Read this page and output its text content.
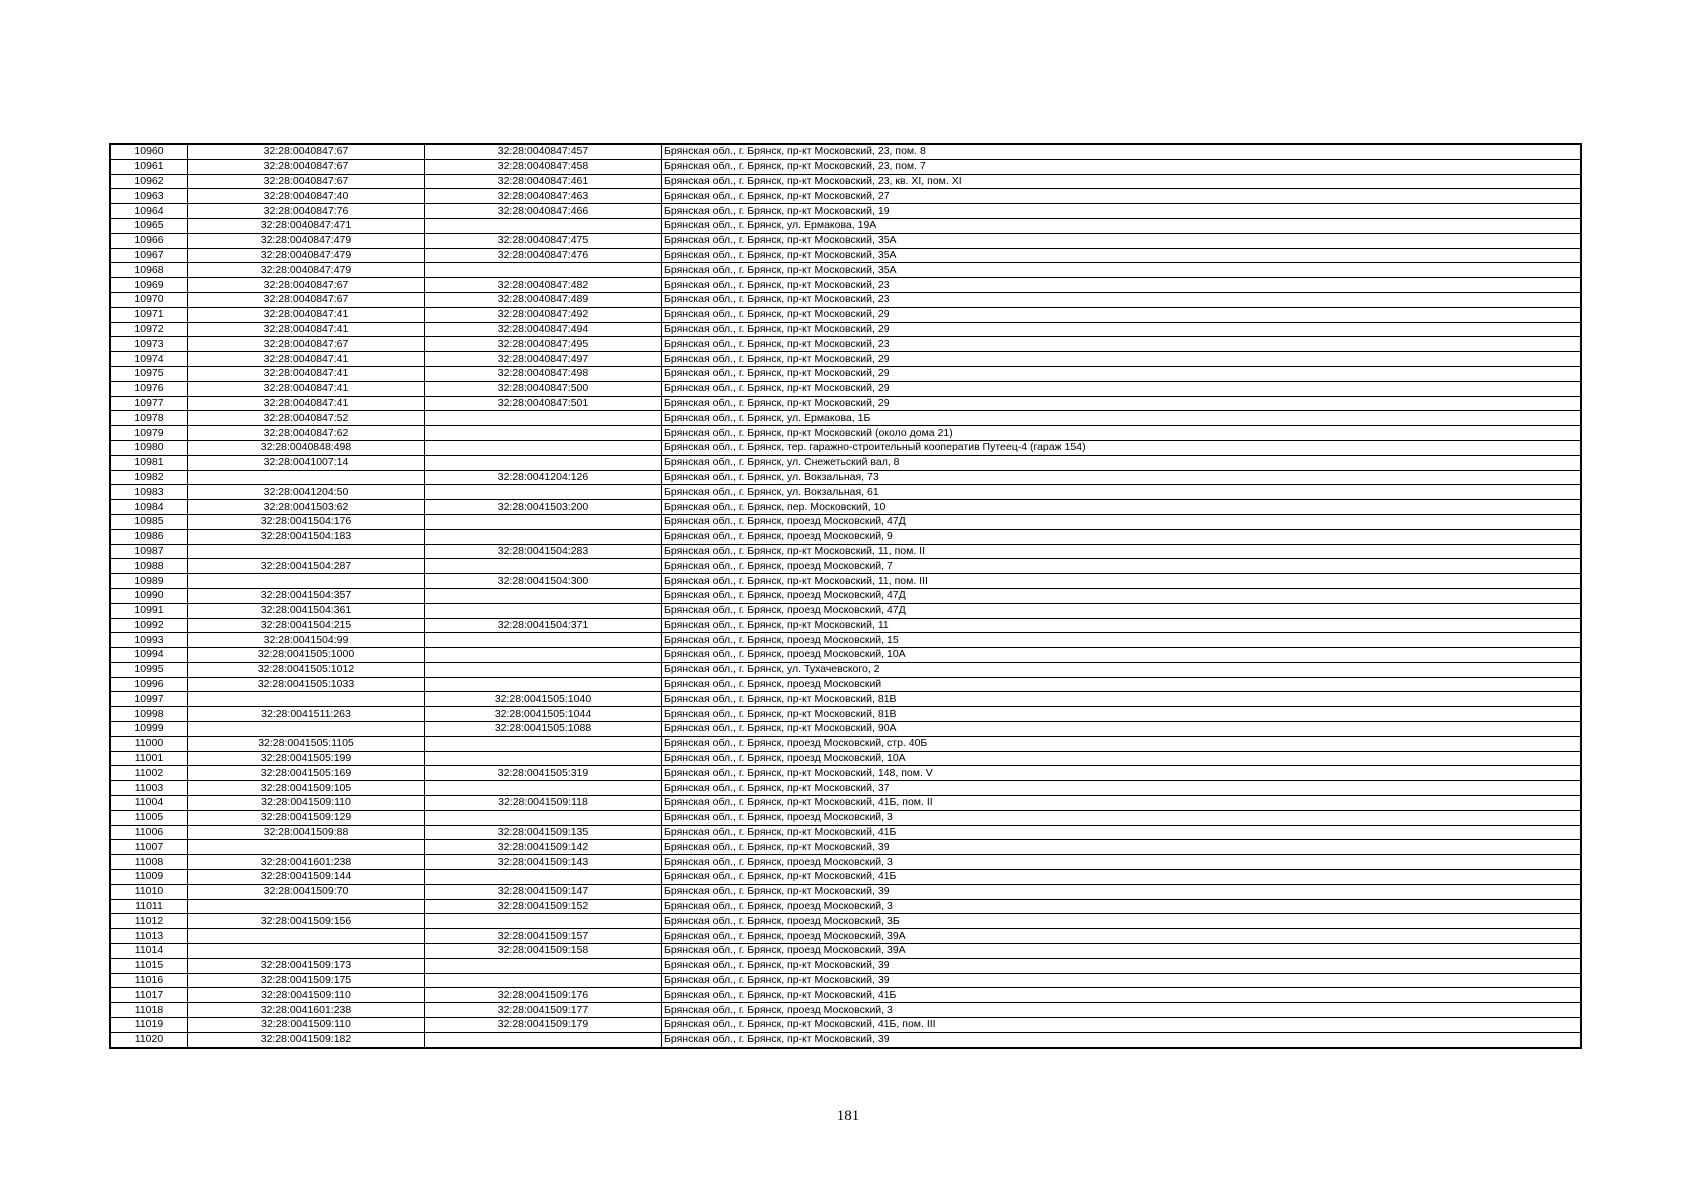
10960	32:28:0040847:67	32:28:0040847:457	Брянская обл., г. Брянск, пр-кт Московский, 23, пом. 8
10961	32:28:0040847:67	32:28:0040847:458	Брянская обл., г. Брянск, пр-кт Московский, 23, пом. 7
10962	32:28:0040847:67	32:28:0040847:461	Брянская обл., г. Брянск, пр-кт Московский, 23, кв. XI, пом. XI
10963	32:28:0040847:40	32:28:0040847:463	Брянская обл., г. Брянск, пр-кт Московский, 27
10964	32:28:0040847:76	32:28:0040847:466	Брянская обл., г. Брянск, пр-кт Московский, 19
10965	32:28:0040847:471		Брянская обл., г. Брянск, ул. Ермакова, 19А
10966	32:28:0040847:479	32:28:0040847:475	Брянская обл., г. Брянск, пр-кт Московский, 35А
10967	32:28:0040847:479	32:28:0040847:476	Брянская обл., г. Брянск, пр-кт Московский, 35А
10968	32:28:0040847:479		Брянская обл., г. Брянск, пр-кт Московский, 35А
10969	32:28:0040847:67	32:28:0040847:482	Брянская обл., г. Брянск, пр-кт Московский, 23
10970	32:28:0040847:67	32:28:0040847:489	Брянская обл., г. Брянск, пр-кт Московский, 23
10971	32:28:0040847:41	32:28:0040847:492	Брянская обл., г. Брянск, пр-кт Московский, 29
10972	32:28:0040847:41	32:28:0040847:494	Брянская обл., г. Брянск, пр-кт Московский, 29
10973	32:28:0040847:67	32:28:0040847:495	Брянская обл., г. Брянск, пр-кт Московский, 23
10974	32:28:0040847:41	32:28:0040847:497	Брянская обл., г. Брянск, пр-кт Московский, 29
10975	32:28:0040847:41	32:28:0040847:498	Брянская обл., г. Брянск, пр-кт Московский, 29
10976	32:28:0040847:41	32:28:0040847:500	Брянская обл., г. Брянск, пр-кт Московский, 29
10977	32:28:0040847:41	32:28:0040847:501	Брянская обл., г. Брянск, пр-кт Московский, 29
10978	32:28:0040847:52		Брянская обл., г. Брянск, ул. Ермакова, 1Б
10979	32:28:0040847:62		Брянская обл., г. Брянск, пр-кт Московский (около дома 21)
10980	32:28:0040848:498		Брянская обл., г. Брянск, тер. гаражно-строительный кооператив Путеец-4 (гараж 154)
10981	32:28:0041007:14		Брянская обл., г. Брянск, ул. Снежетьский вал, 8
10982		32:28:0041204:126	Брянская обл., г. Брянск, ул. Вокзальная, 73
10983	32:28:0041204:50		Брянская обл., г. Брянск, ул. Вокзальная, 61
10984	32:28:0041503:62	32:28:0041503:200	Брянская обл., г. Брянск, пер. Московский, 10
10985	32:28:0041504:176		Брянская обл., г. Брянск, проезд Московский, 47Д
10986	32:28:0041504:183		Брянская обл., г. Брянск, проезд Московский, 9
10987		32:28:0041504:283	Брянская обл., г. Брянск, пр-кт Московский, 11, пом. II
10988	32:28:0041504:287		Брянская обл., г. Брянск, проезд Московский, 7
10989		32:28:0041504:300	Брянская обл., г. Брянск, пр-кт Московский, 11, пом. III
10990	32:28:0041504:357		Брянская обл., г. Брянск, проезд Московский, 47Д
10991	32:28:0041504:361		Брянская обл., г. Брянск, проезд Московский, 47Д
10992	32:28:0041504:215	32:28:0041504:371	Брянская обл., г. Брянск, пр-кт Московский, 11
10993	32:28:0041504:99		Брянская обл., г. Брянск, проезд Московский, 15
10994	32:28:0041505:1000		Брянская обл., г. Брянск, проезд Московский, 10А
10995	32:28:0041505:1012		Брянская обл., г. Брянск, ул. Тухачевского, 2
10996	32:28:0041505:1033		Брянская обл., г. Брянск, проезд Московский
10997		32:28:0041505:1040	Брянская обл., г. Брянск, пр-кт Московский, 81В
10998	32:28:0041511:263	32:28:0041505:1044	Брянская обл., г. Брянск, пр-кт Московский, 81В
10999		32:28:0041505:1088	Брянская обл., г. Брянск, пр-кт Московский, 90А
11000	32:28:0041505:1105		Брянская обл., г. Брянск, проезд Московский, стр. 40Б
11001	32:28:0041505:199		Брянская обл., г. Брянск, проезд Московский, 10А
11002	32:28:0041505:169	32:28:0041505:319	Брянская обл., г. Брянск, пр-кт Московский, 148, пом. V
11003	32:28:0041509:105		Брянская обл., г. Брянск, пр-кт Московский, 37
11004	32:28:0041509:110	32:28:0041509:118	Брянская обл., г. Брянск, пр-кт Московский, 41Б, пом. II
11005	32:28:0041509:129		Брянская обл., г. Брянск, проезд Московский, 3
11006	32:28:0041509:88	32:28:0041509:135	Брянская обл., г. Брянск, пр-кт Московский, 41Б
11007		32:28:0041509:142	Брянская обл., г. Брянск, пр-кт Московский, 39
11008	32:28:0041601:238	32:28:0041509:143	Брянская обл., г. Брянск, проезд Московский, 3
11009	32:28:0041509:144		Брянская обл., г. Брянск, пр-кт Московский, 41Б
11010	32:28:0041509:70	32:28:0041509:147	Брянская обл., г. Брянск, пр-кт Московский, 39
11011		32:28:0041509:152	Брянская обл., г. Брянск, проезд Московский, 3
11012	32:28:0041509:156		Брянская обл., г. Брянск, проезд Московский, 3Б
11013		32:28:0041509:157	Брянская обл., г. Брянск, проезд Московский, 39А
11014		32:28:0041509:158	Брянская обл., г. Брянск, проезд Московский, 39А
11015	32:28:0041509:173		Брянская обл., г. Брянск, пр-кт Московский, 39
11016	32:28:0041509:175		Брянская обл., г. Брянск, пр-кт Московский, 39
11017	32:28:0041509:110	32:28:0041509:176	Брянская обл., г. Брянск, пр-кт Московский, 41Б
11018	32:28:0041601:238	32:28:0041509:177	Брянская обл., г. Брянск, проезд Московский, 3
11019	32:28:0041509:110	32:28:0041509:179	Брянская обл., г. Брянск, пр-кт Московский, 41Б, пом. III
11020	32:28:0041509:182		Брянская обл., г. Брянск, пр-кт Московский, 39
181
